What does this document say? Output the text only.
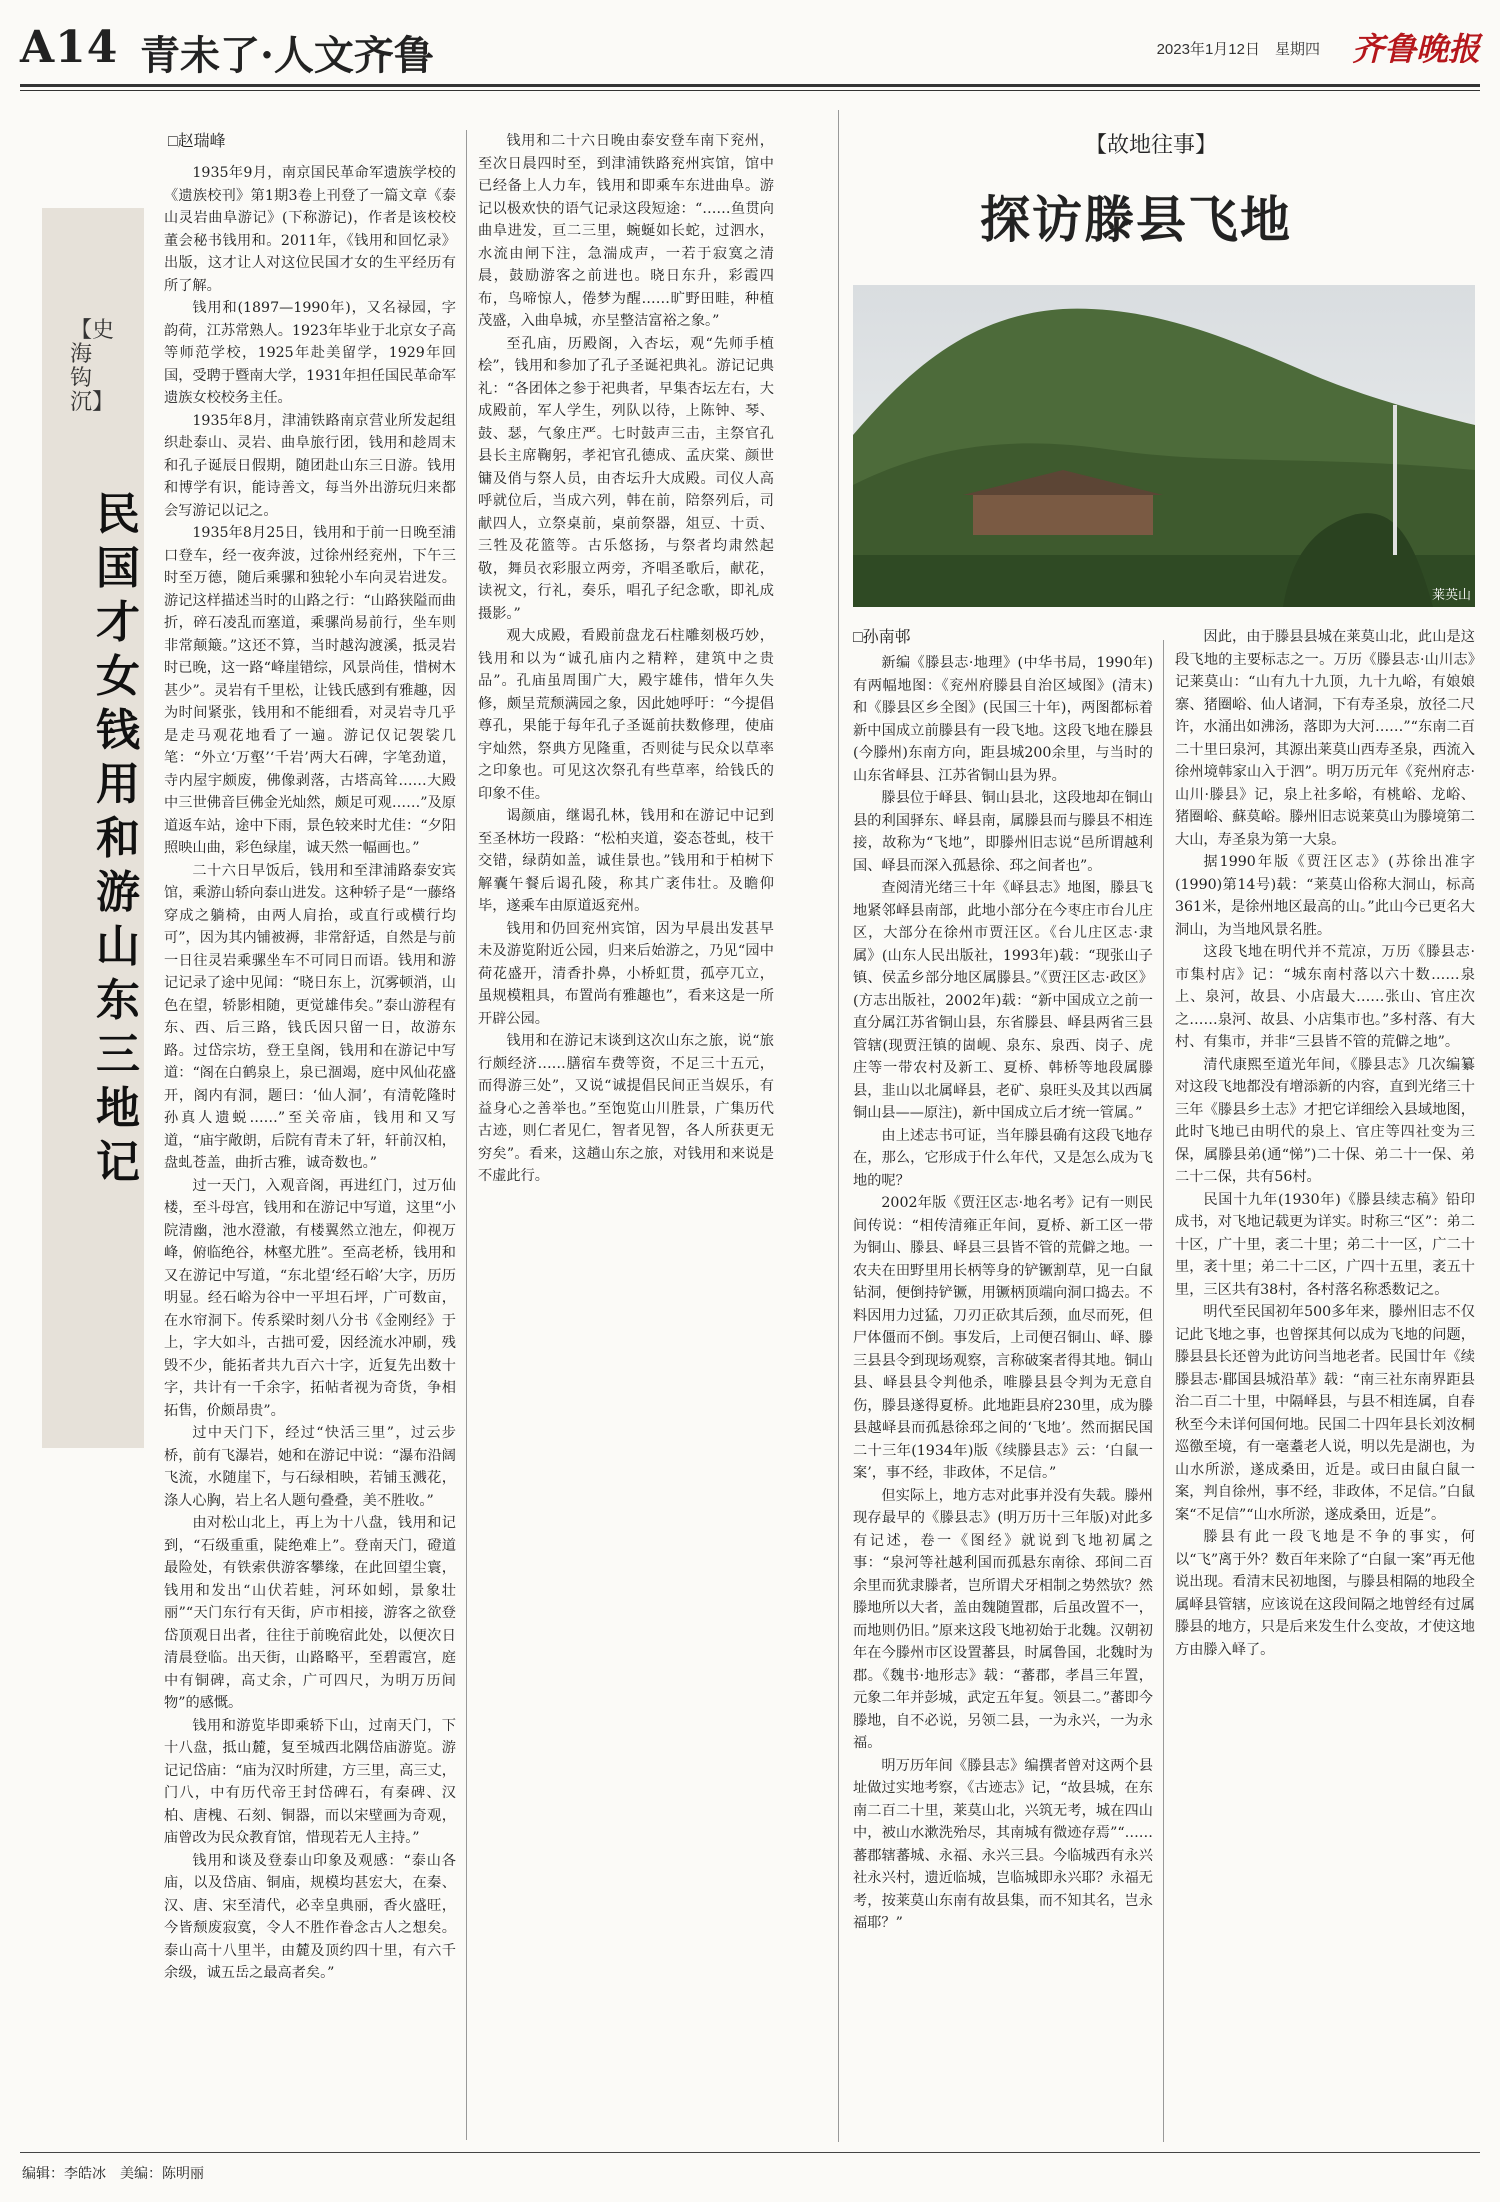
A14 青未了·人文齐鲁	2023年1月12日 星期四 齐鲁晚报
□赵瑞峰
【史海钩沉】
民国才女钱用和游山东三地记

1935年9月，南京国民革命军遗族学校的《遗族校刊》第1期3卷上刊登了一篇文章《泰山灵岩曲阜游记》(下称游记)，作者是该校校董会秘书钱用和。2011年，《钱用和回忆录》出版，这才让人对这位民国才女的生平经历有所了解。

钱用和(1897—1990年)，又名禄园，字韵荷，江苏常熟人。1923年毕业于北京女子高等师范学校，1925年赴美留学，1929年回国，受聘于暨南大学，1931年担任国民革命军遗族女校校务主任。

1935年8月，津浦铁路南京营业所发起组织赴泰山、灵岩、曲阜旅行团，钱用和趁周末和孔子诞辰日假期，随团赴山东三日游。钱用和博学有识，能诗善文，每当外出游玩归来都会写游记以记之。

1935年8月25日，钱用和于前一日晚至浦口登车，经一夜奔波，过徐州经兖州，下午三时至万德，随后乘骡和独轮小车向灵岩进发。游记这样描述当时的山路之行：“山路狭隘而曲折，碎石凌乱而塞道，乘骡尚易前行，坐车则非常颠簸。”这还不算，当时越沟渡溪，抵灵岩时已晚，这一路“峰崖错综，风景尚佳，惜树木甚少”。灵岩有千里松，让钱氏感到有雅趣，因为时间紧张，钱用和不能细看，对灵岩寺几乎是走马观花地看了一遍。游记仅记袈裟几笔：“外立‘万壑’‘千岩’两大石碑，字笔劲道，寺内屋宇颇废，佛像剥落，古塔高耸……大殿中三世佛音巨佛金光灿然，颇足可观……”及原道返车站，途中下雨，景色较来时尤佳：“夕阳照映山曲，彩色绿崖，诚天然一幅画也。”

二十六日早饭后，钱用和至津浦路泰安宾馆，乘游山轿向泰山进发。这种轿子是“一藤络穿成之躺椅，由两人肩抬，或直行或横行均可”，因为其内铺被褥，非常舒适，自然是与前一日往灵岩乘骡坐车不可同日而语。钱用和游记记录了途中见闻：“晓日东上，沉雾顿消，山色在望，轿影相随，更觉雄伟矣。”泰山游程有东、西、后三路，钱氏因只留一日，故游东路。过岱宗坊，登王皇阁，钱用和在游记中写道：“阁在白鹤泉上，泉已涸竭，庭中风仙花盛开，阁内有洞，题曰：‘仙人洞’，有清乾隆时孙真人遗蜕……”至关帝庙，钱用和又写道，“庙宇敞朗，后院有青未了轩，轩前汉柏，盘虬苍盖，曲折古雅，诚奇数也。”

过一天门，入观音阁，再进红门，过万仙楼，至斗母宫，钱用和在游记中写道，这里“小院清幽，池水澄澈，有楼翼然立池左，仰视万峰，俯临绝谷，林壑尤胜”。至高老桥，钱用和又在游记中写道，“东北望‘经石峪’大字，历历明显。经石峪为谷中一平坦石坪，广可数亩，在水帘洞下。传系梁时刻八分书《金刚经》于上，字大如斗，古拙可爱，因经流水冲刷，残毁不少，能拓者共九百六十字，近复先出数十字，共计有一千余字，拓帖者视为奇货，争相拓售，价颇昂贵”。

过中天门下，经过“快活三里”，过云步桥，前有飞瀑岩，她和在游记中说：“瀑布沿阔飞流，水随崖下，与石绿相映，若铺玉溅花，涤人心胸，岩上名人题句叠叠，美不胜收。”

由对松山北上，再上为十八盘，钱用和记到，“石级重重，陡绝难上”。登南天门，磴道最险处，有铁索供游客攀缘，在此回望尘寰，钱用和发出“山伏若蛙，河环如蚓，景象壮丽”“天门东行有天街，庐市相接，游客之欲登岱顶观日出者，往往于前晚宿此处，以便次日清晨登临。出天街，山路略平，至碧霞宫，庭中有铜碑，高丈余，广可四尺，为明万历间物”的感慨。

钱用和游览毕即乘轿下山，过南天门，下十八盘，抵山麓，复至城西北隅岱庙游览。游记记岱庙：“庙为汉时所建，方三里，高三丈，门八，中有历代帝王封岱碑石，有秦碑、汉柏、唐槐、石刻、铜器，而以宋壁画为奇观，庙曾改为民众教育馆，惜现若无人主持。”

钱用和谈及登泰山印象及观感：“泰山各庙，以及岱庙、铜庙，规模均甚宏大，在秦、汉、唐、宋至清代，必幸皇典丽，香火盛旺，今皆颓废寂寞，令人不胜作眷念古人之想矣。泰山高十八里半，由麓及顶约四十里，有六千余级，诚五岳之最高者矣。”

钱用和二十六日晚由泰安登车南下兖州，至次日晨四时至，到津浦铁路兖州宾馆，馆中已经备上人力车，钱用和即乘车东进曲阜。游记以极欢快的语气记录这段短途：“……鱼贯向曲阜进发，亘二三里，蜿蜒如长蛇，过泗水，水流由闸下注，急湍成声，一若于寂寞之清晨，鼓励游客之前进也。晓日东升，彩霞四布，鸟啼惊人，倦梦为醒……旷野田畦，种植茂盛，入曲阜城，亦呈整洁富裕之象。”

至孔庙，历殿阁，入杏坛，观“先师手植桧”，钱用和参加了孔子圣诞祀典礼。游记记典礼：“各团体之参于祀典者，早集杏坛左右，大成殿前，军人学生，列队以待，上陈钟、琴、鼓、瑟，气象庄严。七时鼓声三击，主祭官孔县长主席鞠躬，孝祀官孔德成、孟庆棠、颜世镛及俏与祭人员，由杏坛升大成殿。司仪人高呼就位后，当成六列，韩在前，陪祭列后，司献四人，立祭桌前，桌前祭器，俎豆、十贡、三牲及花篮等。古乐悠扬，与祭者均肃然起敬，舞员衣彩服立两旁，齐唱圣歌后，献花，读祝文，行礼，奏乐，唱孔子纪念歌，即礼成摄影。”

观大成殿，看殿前盘龙石柱雕刻极巧妙，钱用和以为“诚孔庙内之精粹，建筑中之贵品”。孔庙虽周围广大，殿宇雄伟，惜年久失修，颇呈荒颓满园之象，因此她呼吁：“今提倡尊孔，果能于每年孔子圣诞前扶数修理，使庙宇灿然，祭典方见隆重，否则徒与民众以草率之印象也。可见这次祭孔有些草率，给钱氏的印象不佳。

谒颜庙，继谒孔林，钱用和在游记中记到至圣林坊一段路：“松柏夹道，姿态苍虬，枝干交错，绿荫如盖，诚佳景也。”钱用和于柏树下解囊午餐后谒孔陵，称其广袤伟壮。及瞻仰毕，遂乘车由原道返兖州。

钱用和仍回兖州宾馆，因为早晨出发甚早未及游览附近公园，归来后始游之，乃见“园中荷花盛开，清香扑鼻，小桥虹贯，孤亭兀立，虽规模粗具，布置尚有雅趣也”，看来这是一所开辟公园。

钱用和在游记末谈到这次山东之旅，说“旅行颇经济……膳宿车费等资，不足三十五元，而得游三处”，又说“诚提倡民间正当娱乐，有益身心之善举也。”至饱览山川胜景，广集历代古迹，则仁者见仁，智者见智，各人所获更无穷矣”。看来，这趟山东之旅，对钱用和来说是不虚此行。

【故地往事】
探访滕县飞地
莱英山
□孙南邨

新编《滕县志·地理》(中华书局，1990年)有两幅地图：《兖州府滕县自治区域图》(清末)和《滕县区乡全图》(民国三十年)，两图都标着新中国成立前滕县有一段飞地。这段飞地在滕县(今滕州)东南方向，距县城200余里，与当时的山东省峄县、江苏省铜山县为界。

滕县位于峄县、铜山县北，这段地却在铜山县的利国驿东、峄县南，属滕县而与滕县不相连接，故称为“飞地”，即滕州旧志说“邑所谓越利国、峄县而深入孤悬徐、邳之间者也”。

查阅清光绪三十年《峄县志》地图，滕县飞地紧邻峄县南部，此地小部分在今枣庄市台儿庄区，大部分在徐州市贾汪区。《台儿庄区志·隶属》(山东人民出版社，1993年)载：“现张山子镇、侯孟乡部分地区属滕县。”《贾汪区志·政区》(方志出版社，2002年)载：“新中国成立之前一直分属江苏省铜山县，东省滕县、峄县两省三县管辖(现贾汪镇的崮岘、泉东、泉西、岗子、虎庄等一带农村及新工、夏桥、韩桥等地段属滕县，韭山以北属峄县，老矿、泉旺头及其以西属铜山县——原注)，新中国成立后才统一管属。”

由上述志书可证，当年滕县确有这段飞地存在，那么，它形成于什么年代，又是怎么成为飞地的呢？

2002年版《贾汪区志·地名考》记有一则民间传说：“相传清雍正年间，夏桥、新工区一带为铜山、滕县、峄县三县皆不管的荒僻之地。一农夫在田野里用长柄等身的铲镢割草，见一白鼠钻洞，便倒持铲镢，用镢柄顶端向洞口捣去。不料因用力过猛，刀刃正砍其后颈，血尽而死，但尸体僵而不倒。事发后，上司便召铜山、峄、滕三县县令到现场观察，言称破案者得其地。铜山县、峄县县令判他杀，唯滕县县令判为无意自伤，滕县遂得夏桥。此地距县府230里，成为滕县越峄县而孤悬徐邳之间的‘飞地’。然而据民国二十三年(1934年)版《续滕县志》云：‘白鼠一案’，事不经，非政体，不足信。”

但实际上，地方志对此事并没有失载。滕州现存最早的《滕县志》(明万历十三年版)对此多有记述，卷一《图经》就说到飞地初属之事：“泉河等社越利国而孤悬东南徐、邳间二百余里而犹隶滕者，岂所谓犬牙相制之势然欤？然滕地所以大者，盖由魏随置郡，后虽改置不一，而地则仍旧。”原来这段飞地初始于北魏。汉朝初年在今滕州市区设置蕃县，时属鲁国，北魏时为郡。《魏书·地形志》载：“蕃郡，孝昌三年置，元象二年并彭城，武定五年复。领县二。”蕃即今滕地，自不必说，另领二县，一为永兴，一为永福。

明万历年间《滕县志》编撰者曾对这两个县址做过实地考察，《古迹志》记，“故县城，在东南二百二十里，莱莫山北，兴筑无考，城在四山中，被山水漱洗殆尽，其南城有微迹存焉”“……蕃郡辖蕃城、永福、永兴三县。今临城西有永兴社永兴村，遗近临城，岂临城即永兴耶？永福无考，按莱莫山东南有故县集，而不知其名，岂永福耶？”

因此，由于滕县县城在莱莫山北，此山是这段飞地的主要标志之一。万历《滕县志·山川志》记莱莫山：“山有九十九顶，九十九峪，有娘娘寨、猪圈峪、仙人诸洞，下有寿圣泉，放径二尺许，水涌出如沸汤，落即为大河……”“东南二百二十里曰泉河，其源出莱莫山西寿圣泉，西流入徐州境韩家山入于泗”。明万历元年《兖州府志·山川·滕县》记，泉上社多峪，有桃峪、龙峪、猪圈峪、蘇莫峪。滕州旧志说莱莫山为滕境第二大山，寿圣泉为第一大泉。

据1990年版《贾汪区志》(苏徐出准字(1990)第14号)载：“莱莫山俗称大洞山，标高361米，是徐州地区最高的山。”此山今已更名大洞山，为当地风景名胜。

这段飞地在明代并不荒凉，万历《滕县志·市集村店》记：“城东南村落以六十数……泉上、泉河，故县、小店最大……张山、官庄次之……泉河、故县、小店集市也。”多村落、有大村、有集市，并非“三县皆不管的荒僻之地”。

清代康熙至道光年间，《滕县志》几次编纂对这段飞地都没有增添新的内容，直到光绪三十三年《滕县乡土志》才把它详细绘入县域地图，此时飞地已由明代的泉上、官庄等四社变为三保，属滕县弟(通“悌”)二十保、弟二十一保、弟二十二保，共有56村。

民国十九年(1930年)《滕县续志稿》铅印成书，对飞地记载更为详实。时称三“区”：弟二十区，广十里，袤二十里；弟二十一区，广二十里，袤十里；弟二十二区，广四十五里，袤五十里，三区共有38村，各村落名称悉数记之。

明代至民国初年500多年来，滕州旧志不仅记此飞地之事，也曾探其何以成为飞地的问题，滕县县长还曾为此访问当地老者。民国廿年《续滕县志·郿国县城沿革》载：“南三社东南界距县治二百二十里，中隔峄县，与县不相连属，自春秋至今未详何国何地。民国二十四年县长刘汝桐巡徼至境，有一毫耋老人说，明以先是湖也，为山水所淤，遂成桑田，近是。或曰由鼠白鼠一案，判自徐州，事不经，非政体，不足信。”白鼠案“不足信”“山水所淤，遂成桑田，近是”。

滕县有此一段飞地是不争的事实，何以“飞”离于外？数百年来除了“白鼠一案”再无他说出现。看清末民初地图，与滕县相隔的地段全属峄县管辖，应该说在这段间隔之地曾经有过属滕县的地方，只是后来发生什么变故，才使这地方由滕入峄了。

编辑：李皓冰　美编：陈明丽
